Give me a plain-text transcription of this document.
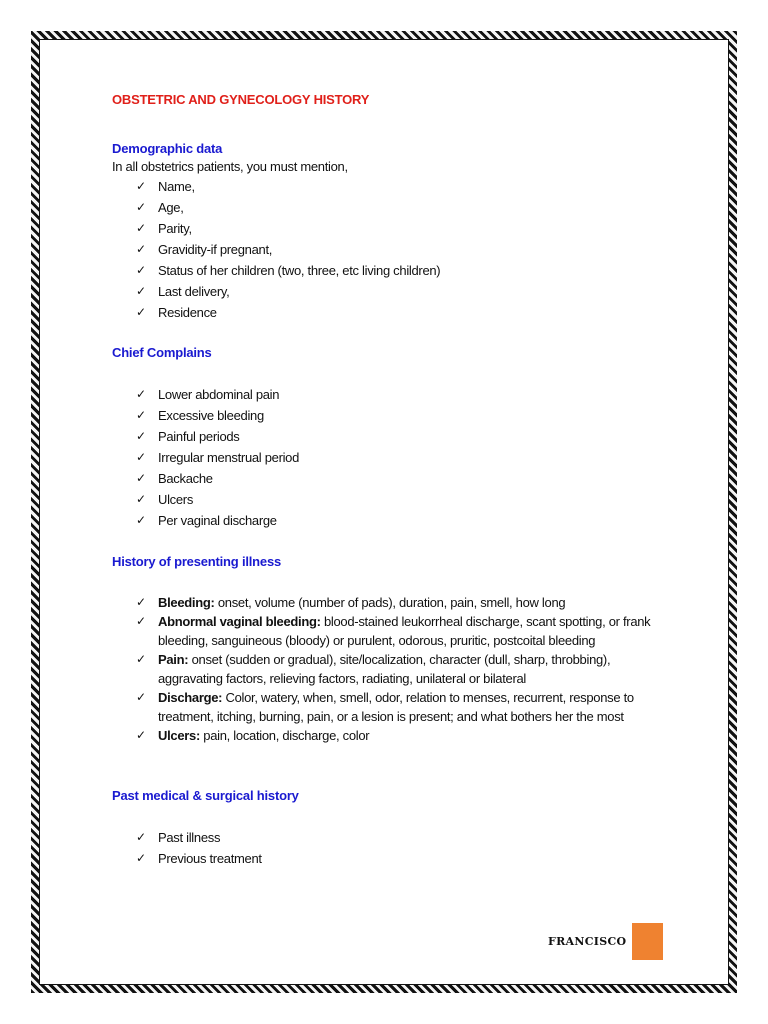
OBSTETRIC AND GYNECOLOGY HISTORY
Demographic data
In all obstetrics patients, you must mention,
✓ Name,
✓ Age,
✓ Parity,
✓ Gravidity-if pregnant,
✓ Status of her children (two, three, etc living children)
✓ Last delivery,
✓ Residence
Chief Complains
✓ Lower abdominal pain
✓ Excessive bleeding
✓ Painful periods
✓ Irregular menstrual period
✓ Backache
✓ Ulcers
✓ Per vaginal discharge
History of presenting illness
✓ Bleeding: onset, volume (number of pads), duration, pain, smell, how long
✓ Abnormal vaginal bleeding: blood-stained leukorrheal discharge, scant spotting, or frank bleeding, sanguineous (bloody) or purulent, odorous, pruritic, postcoital bleeding
✓ Pain: onset (sudden or gradual), site/localization, character (dull, sharp, throbbing), aggravating factors, relieving factors, radiating, unilateral or bilateral
✓ Discharge: Color, watery, when, smell, odor, relation to menses, recurrent, response to treatment, itching, burning, pain, or a lesion is present; and what bothers her the most
✓ Ulcers: pain, location, discharge, color
Past medical & surgical history
✓ Past illness
✓ Previous treatment
FRANCISCO
